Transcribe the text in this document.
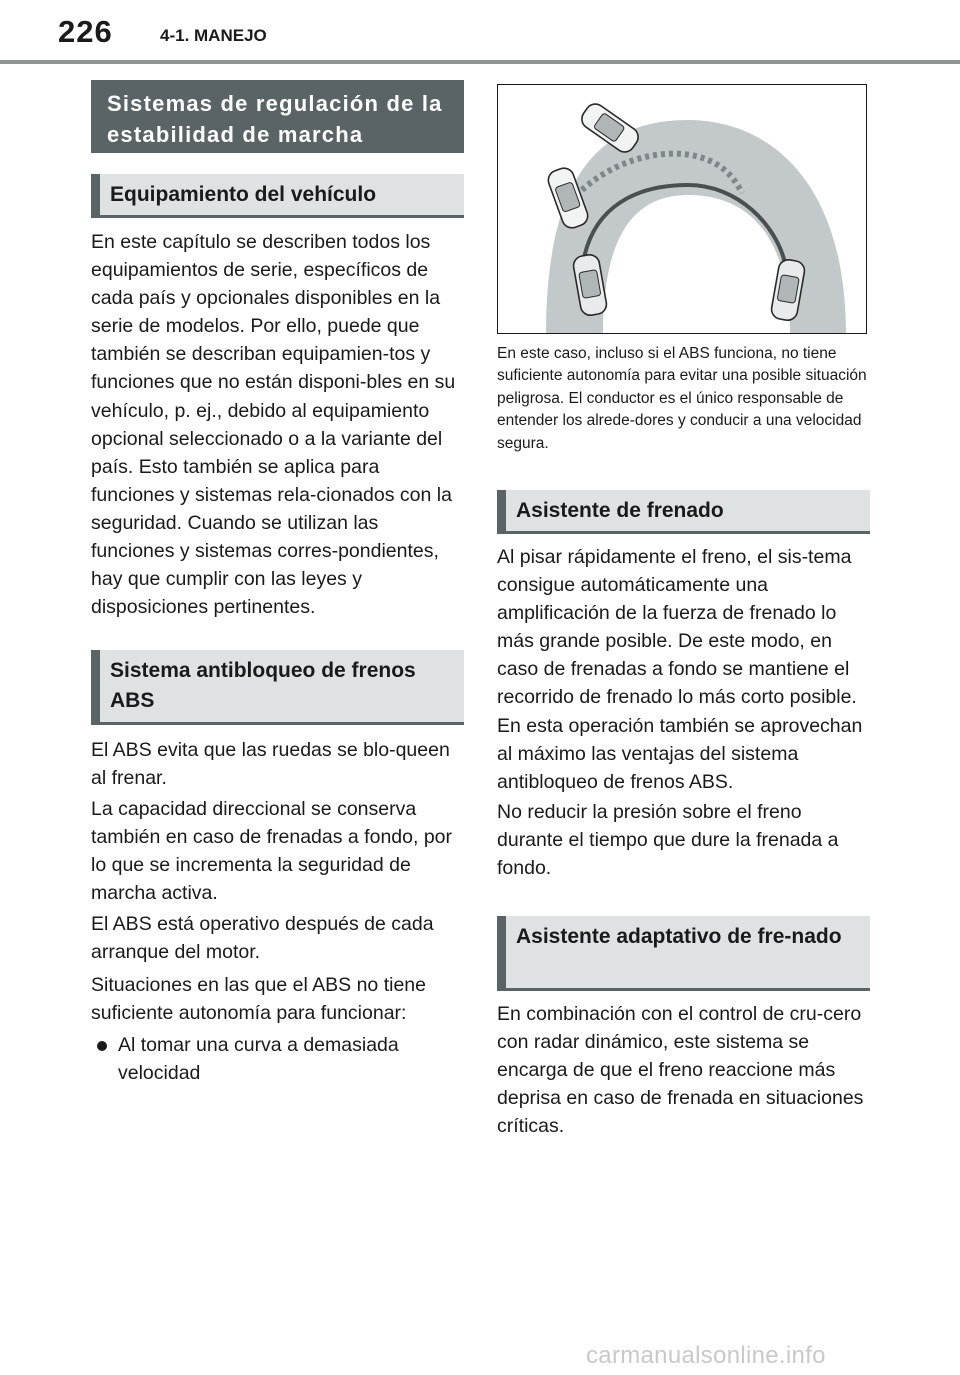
226	4-1. MANEJO
Sistemas de regulación de la estabilidad de marcha
Equipamiento del vehículo

En este capítulo se describen todos los equipamientos de serie, específicos de cada país y opcionales disponibles en la serie de modelos. Por ello, puede que también se describan equipamien-tos y funciones que no están disponi-bles en su vehículo, p. ej., debido al equipamiento opcional seleccionado o a la variante del país. Esto también se aplica para funciones y sistemas rela-cionados con la seguridad. Cuando se utilizan las funciones y sistemas corres-pondientes, hay que cumplir con las leyes y disposiciones pertinentes.

Sistema antibloqueo de frenos ABS

El ABS evita que las ruedas se blo-queen al frenar.

La capacidad direccional se conserva también en caso de frenadas a fondo, por lo que se incrementa la seguridad de marcha activa.

El ABS está operativo después de cada arranque del motor.

Situaciones en las que el ABS no tiene suficiente autonomía para funcionar:

Al tomar una curva a demasiada velocidad

En este caso, incluso si el ABS funciona, no tiene suficiente autonomía para evitar una posible situación peligrosa. El conductor es el único responsable de entender los alrede-dores y conducir a una velocidad segura.

Asistente de frenado

Al pisar rápidamente el freno, el sis-tema consigue automáticamente una amplificación de la fuerza de frenado lo más grande posible. De este modo, en caso de frenadas a fondo se mantiene el recorrido de frenado lo más corto posible. En esta operación también se aprovechan al máximo las ventajas del sistema antibloqueo de frenos ABS.

No reducir la presión sobre el freno durante el tiempo que dure la frenada a fondo.

Asistente adaptativo de fre-nado

En combinación con el control de cru-cero con radar dinámico, este sistema se encarga de que el freno reaccione más deprisa en caso de frenada en situaciones críticas.

carmanualsonline.info
